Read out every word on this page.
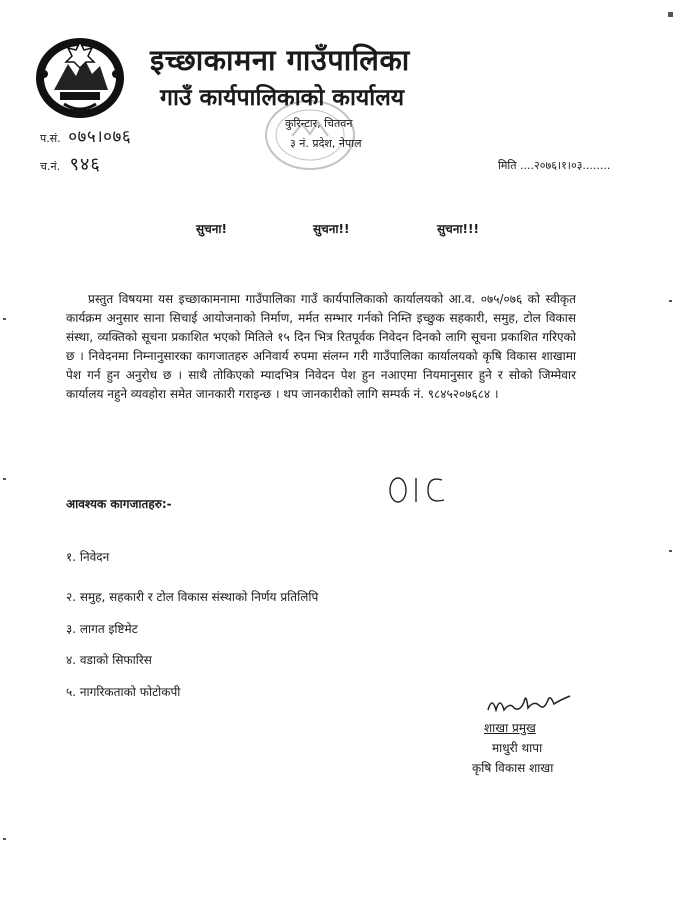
इच्छाकामना गाउँपालिका
गाउँ कार्यपालिकाको कार्यालय
कुरिन्टार, चितवन
३ नं. प्रदेश, नेपाल
प.सं. ०७५।०७६
च.नं. ९४६	मिति ....२०७६।१।०३........
सुचना!	सुचना!!	सुचना!!!
प्रस्तुत विषयमा यस इच्छाकामनामा गाउँपालिका गाउँ कार्यपालिकाको कार्यालयको आ.व. ०७५/०७६ को स्वीकृत कार्यक्रम अनुसार साना सिचाई आयोजनाको निर्माण, मर्मत सम्भार गर्नको निम्ति इच्छुक सहकारी, समुह, टोल विकास संस्था, व्यक्तिको सूचना प्रकाशित भएको मितिले १५ दिन भित्र रितपूर्वक निवेदन दिनको लागि सूचना प्रकाशित गरिएको छ । निवेदनमा निम्नानुसारका कागजातहरु अनिवार्य रुपमा संलग्न गरी गाउँपालिका कार्यालयको कृषि विकास शाखामा पेश गर्न हुन अनुरोध छ । साथै तोकिएको म्यादभित्र निवेदन पेश हुन नआएमा नियमानुसार हुने र सोको जिम्मेवार कार्यालय नहुने व्यवहोरा समेत जानकारी गराइन्छ । थप जानकारीको लागि सम्पर्क नं. ९८४५२०७६८४ ।
आवश्यक कागजातहरु:-
१. निवेदन
२. समुह, सहकारी र टोल विकास संस्थाको निर्णय प्रतिलिपि
३. लागत इष्टिमेट
४. वडाको सिफारिस
५. नागरिकताको फोटोकपी
शाखा प्रमुख
माधुरी थापा
कृषि विकास शाखा
